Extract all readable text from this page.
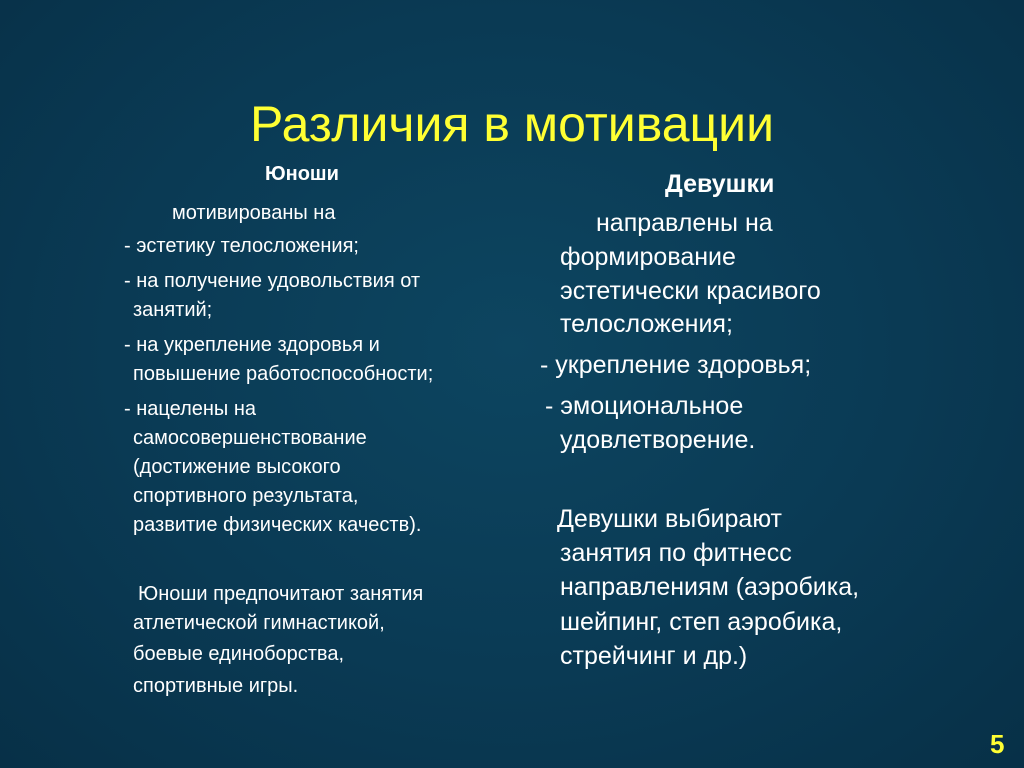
Различия в мотивации

Юноши

мотивированы на

- эстетику телосложения;

- на получение удовольствия от

занятий;

- на укрепление здоровья и

повышение работоспособности;

- нацелены на

самосовершенствование

(достижение высокого

спортивного результата,

развитие физических качеств).

Юноши предпочитают занятия

атлетической гимнастикой,

боевые единоборства,

спортивные игры.

Девушки

направлены на

формирование

эстетически красивого

телосложения;

- укрепление здоровья;

- эмоциональное

удовлетворение.

Девушки выбирают

занятия по фитнесс

направлениям (аэробика,

шейпинг, степ аэробика,

стрейчинг и др.)

5
